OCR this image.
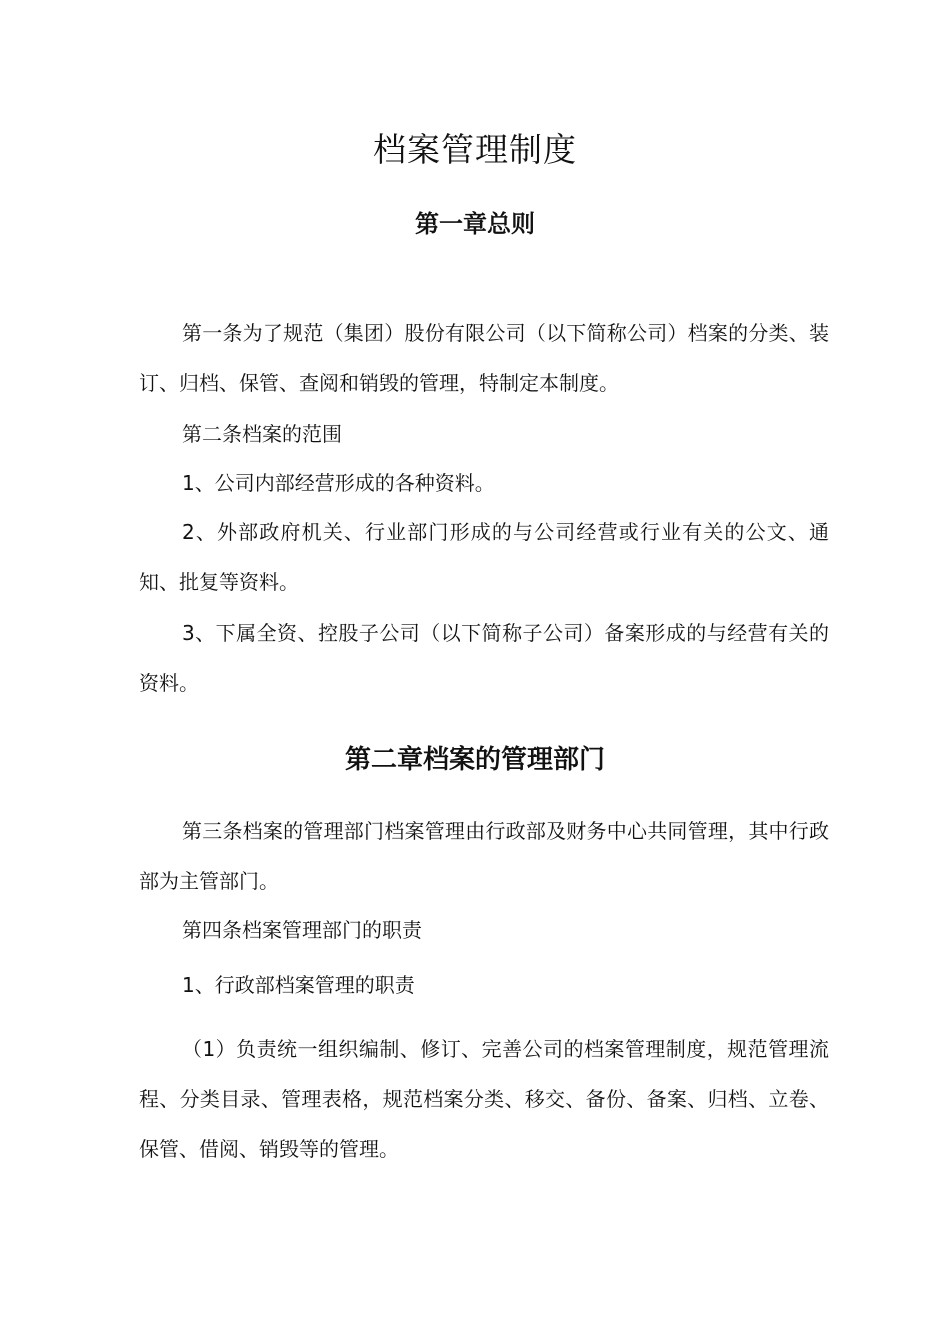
档案管理制度
第一章总则

第一条为了规范（集团）股份有限公司（以下简称公司）档案的分类、装订、归档、保管、查阅和销毁的管理，特制定本制度。

第二条档案的范围

1、公司内部经营形成的各种资料。

2、外部政府机关、行业部门形成的与公司经营或行业有关的公文、通知、批复等资料。

3、下属全资、控股子公司（以下简称子公司）备案形成的与经营有关的资料。

第二章档案的管理部门

第三条档案的管理部门档案管理由行政部及财务中心共同管理，其中行政部为主管部门。

第四条档案管理部门的职责

1、行政部档案管理的职责

（1）负责统一组织编制、修订、完善公司的档案管理制度，规范管理流程、分类目录、管理表格，规范档案分类、移交、备份、备案、归档、立卷、保管、借阅、销毁等的管理。
